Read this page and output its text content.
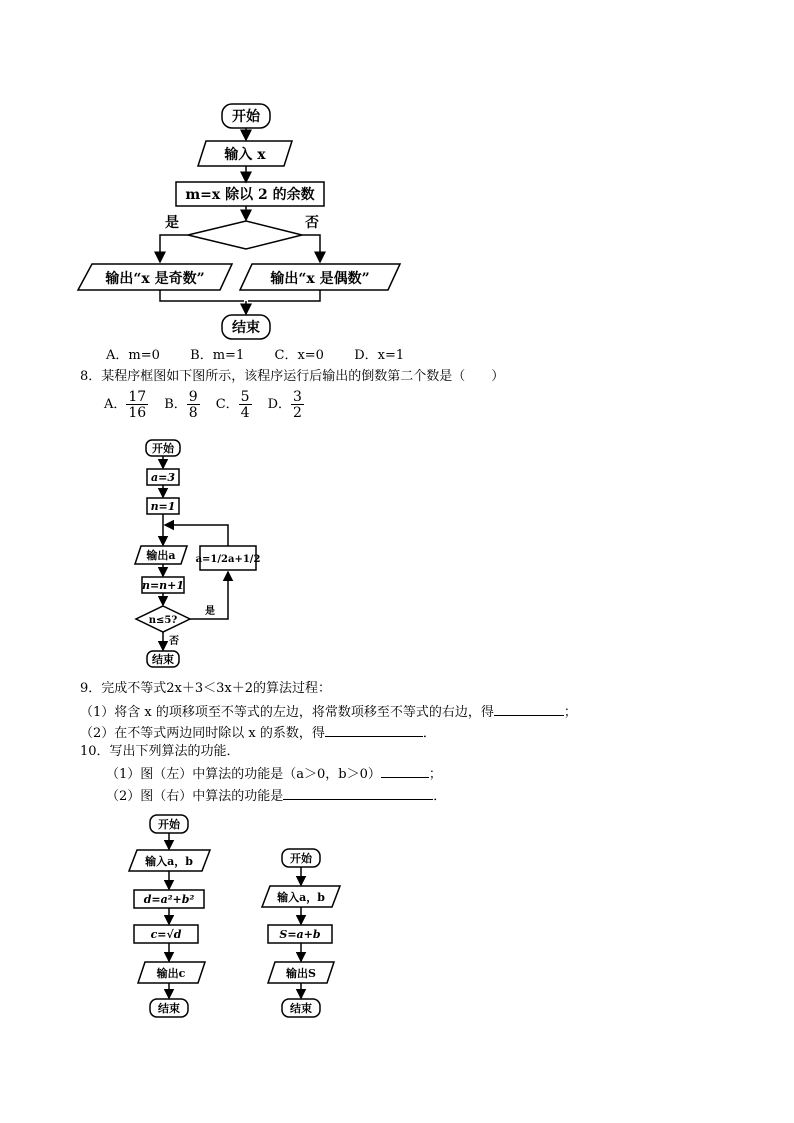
开始
输入 x
m=x 除以 2 的余数
是	否
输出“x 是奇数”	输出“x 是偶数”
结束
A．m=0 B．m=1 C．x=0 D．x=1
8．某程序框图如下图所示，该程序运行后输出的倒数第二个数是（　　）
A． $\frac{17}{16}$ B． $\frac{9}{8}$ C． $\frac{5}{4}$ D． $\frac{3}{2}$
开始
a=3
n=1
输出a a=1/2a+1/2
n=n+1
n≤5?
是
否
结束
9．完成不等式2x＋3＜3x＋2的算法过程：
（1）将含 x 的项移项至不等式的左边，将常数项移至不等式的右边，得	；
（2）在不等式两边同时除以 x 的系数，得	．
10．写出下列算法的功能．
（1）图（左）中算法的功能是（a＞0，b＞0）	；
（2）图（右）中算法的功能是	．
开始
输入a，b
d=a²+b²
c=√d
输出c
结束
开始
输入a，b
S=a+b
输出S
结束
